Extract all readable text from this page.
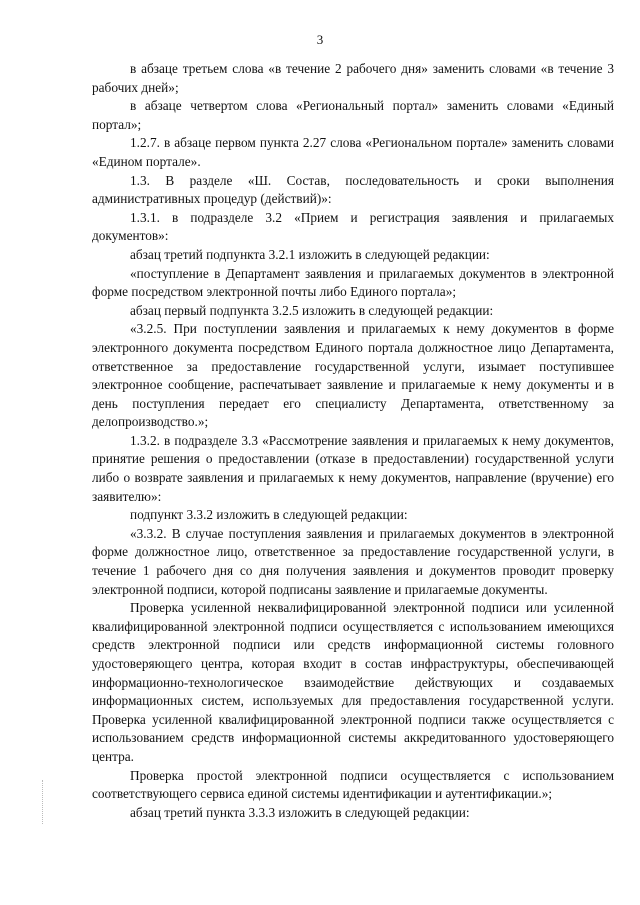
3

в абзаце третьем слова «в течение 2 рабочего дня» заменить словами «в течение 3 рабочих дней»;

в абзаце четвертом слова «Региональный портал» заменить словами «Единый портал»;

1.2.7. в абзаце первом пункта 2.27 слова «Региональном портале» заменить словами «Едином портале».

1.3. В разделе «Ш. Состав, последовательность и сроки выполнения административных процедур (действий)»:

1.3.1. в подразделе 3.2 «Прием и регистрация заявления и прилагаемых документов»:

абзац третий подпункта 3.2.1 изложить в следующей редакции:

«поступление в Департамент заявления и прилагаемых документов в электронной форме посредством электронной почты либо Единого портала»;

абзац первый подпункта 3.2.5 изложить в следующей редакции:

«3.2.5. При поступлении заявления и прилагаемых к нему документов в форме электронного документа посредством Единого портала должностное лицо Департамента, ответственное за предоставление государственной услуги, изымает поступившее электронное сообщение, распечатывает заявление и прилагаемые к нему документы и в день поступления передает его специалисту Департамента, ответственному за делопроизводство.»;

1.3.2. в подразделе 3.3 «Рассмотрение заявления и прилагаемых к нему документов, принятие решения о предоставлении (отказе в предоставлении) государственной услуги либо о возврате заявления и прилагаемых к нему документов, направление (вручение) его заявителю»:

подпункт 3.3.2 изложить в следующей редакции:

«3.3.2. В случае поступления заявления и прилагаемых документов в электронной форме должностное лицо, ответственное за предоставление государственной услуги, в течение 1 рабочего дня со дня получения заявления и документов проводит проверку электронной подписи, которой подписаны заявление и прилагаемые документы.

Проверка усиленной неквалифицированной электронной подписи или усиленной квалифицированной электронной подписи осуществляется с использованием имеющихся средств электронной подписи или средств информационной системы головного удостоверяющего центра, которая входит в состав инфраструктуры, обеспечивающей информационно-технологическое взаимодействие действующих и создаваемых информационных систем, используемых для предоставления государственной услуги. Проверка усиленной квалифицированной электронной подписи также осуществляется с использованием средств информационной системы аккредитованного удостоверяющего центра.

Проверка простой электронной подписи осуществляется с использованием соответствующего сервиса единой системы идентификации и аутентификации.»;

абзац третий пункта 3.3.3 изложить в следующей редакции:
